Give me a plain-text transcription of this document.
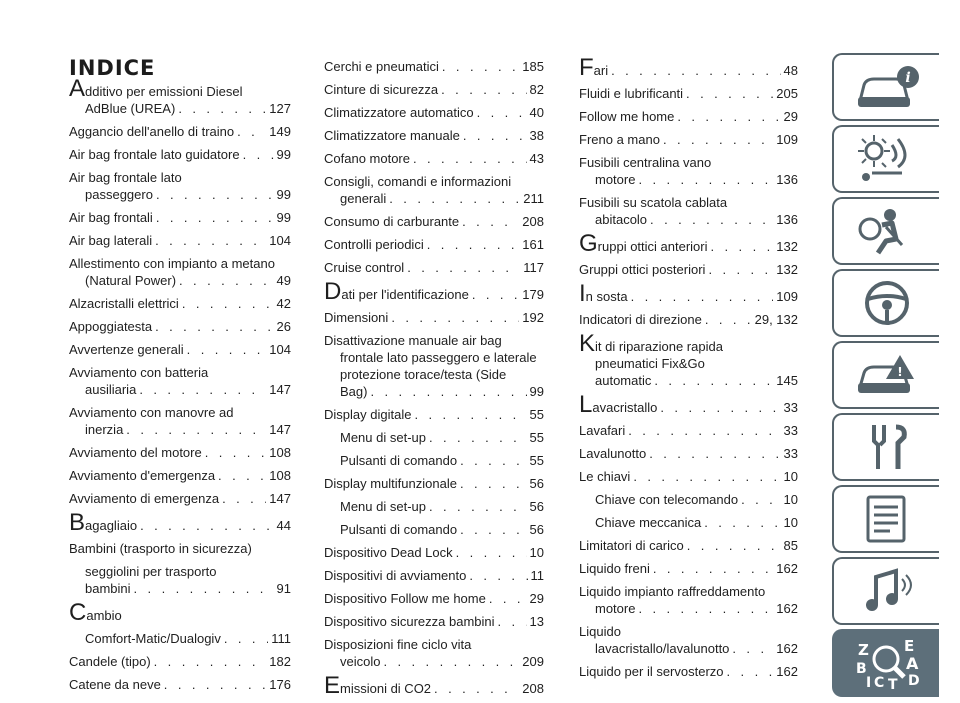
INDICE
Additivo per emissioni Diesel
AdBlue (UREA) . . .	127
Aggancio dell'anello di traino . . .	149
Air bag frontale lato guidatore . . .	99
Air bag frontale lato
passeggero . . .	99
Air bag frontali . . .	99
Air bag laterali . . .	104
Allestimento con impianto a metano
(Natural Power) . . .	49
Alzacristalli elettrici . . .	42
Appoggiatesta . . .	26
Avvertenze generali . . .	104
Avviamento con batteria
ausiliaria . . .	147
Avviamento con manovre ad
inerzia . . .	147
Avviamento del motore . . .	108
Avviamento d'emergenza . . .	108
Avviamento di emergenza . . .	147
Bagagliaio . . .	44
Bambini (trasporto in sicurezza)
seggiolini per trasporto
bambini . . .	91
Cambio
Comfort-Matic/Dualogiv . . .	111
Candele (tipo) . . .	182
Catene da neve . . .	176
Cerchi e pneumatici . . .	185
Cinture di sicurezza . . .	82
Climatizzatore automatico . . .	40
Climatizzatore manuale . . .	38
Cofano motore . . .	43
Consigli, comandi e informazioni
generali . . .	211
Consumo di carburante . . .	208
Controlli periodici . . .	161
Cruise control . . .	117
Dati per l'identificazione . . .	179
Dimensioni . . .	192
Disattivazione manuale air bag
frontale lato passeggero e laterale
protezione torace/testa (Side
Bag) . . .	99
Display digitale . . .	55
Menu di set-up . . .	55
Pulsanti di comando . . .	55
Display multifunzionale . . .	56
Menu di set-up . . .	56
Pulsanti di comando . . .	56
Dispositivo Dead Lock . . .	10
Dispositivi di avviamento . . .	11
Dispositivo Follow me home . . .	29
Dispositivo sicurezza bambini . . .	13
Disposizioni fine ciclo vita
veicolo . . .	209
Emissioni di CO2 . . .	208
Fari . . .	48
Fluidi e lubrificanti . . .	205
Follow me home . . .	29
Freno a mano . . .	109
Fusibili centralina vano
motore . . .	136
Fusibili su scatola cablata
abitacolo . . .	136
Gruppi ottici anteriori . . .	132
Gruppi ottici posteriori . . .	132
In sosta . . .	109
Indicatori di direzione . . .	29, 132
Kit di riparazione rapida
pneumatici Fix&Go
automatic . . .	145
Lavacristallo . . .	33
Lavafari . . .	33
Lavalunotto . . .	33
Le chiavi . . .	10
Chiave con telecomando . . .	10
Chiave meccanica . . .	10
Limitatori di carico . . .	85
Liquido freni . . .	162
Liquido impianto raffreddamento
motore . . .	162
Liquido
lavacristallo/lavalunotto . . .	162
Liquido per il servosterzo . . .	162
i
!
Z E
B A
I C T D
